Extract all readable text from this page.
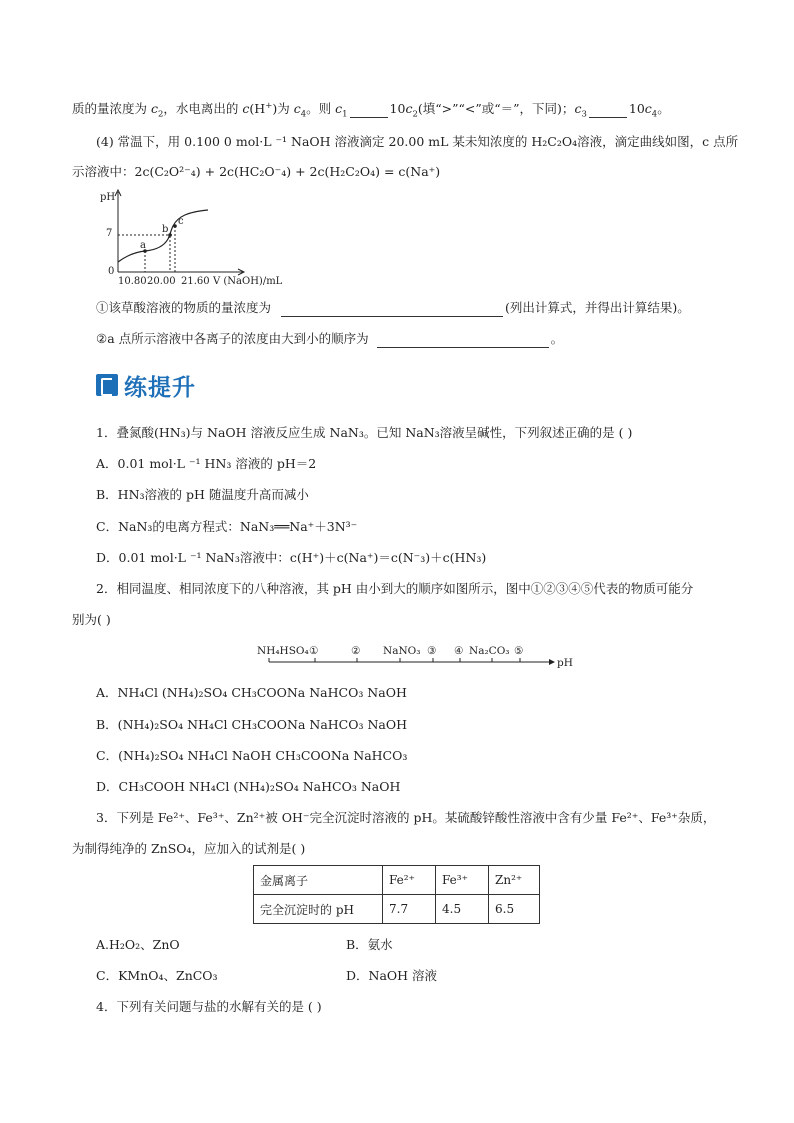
质的量浓度为 $c_2$，水电离出的 c(H+)为 $c_4$。则 $c_1$	$10c_2$(填“>”“<”或“＝”，下同)；$c_3$	$10c_4$。
(4) 常温下，用 0.100 0 mol·L ⁻¹ NaOH 溶液滴定 20.00 mL 某未知浓度的 H₂C₂O₄溶液，滴定曲线如图，c 点所
示溶液中：2c(C₂O²⁻₄) + 2c(HC₂O⁻₄) + 2c(H₂C₂O₄) = c(Na⁺)
pH
7
0
a
b
c
10.80 20.00 21.60 V (NaOH)/mL
①该草酸溶液的物质的量浓度为	(列出计算式，并得出计算结果)。
②a 点所示溶液中各离子的浓度由大到小的顺序为	。
练提升
1．叠氮酸(HN₃)与 NaOH 溶液反应生成 NaN₃。已知 NaN₃溶液呈碱性，下列叙述正确的是 ( )
A．0.01 mol·L ⁻¹ HN₃ 溶液的 pH＝2
B．HN₃溶液的 pH 随温度升高而减小
C．NaN₃的电离方程式：NaN₃══Na⁺＋3N³⁻
D．0.01 mol·L ⁻¹ NaN₃溶液中：c(H⁺)＋c(Na⁺)＝c(N⁻₃)＋c(HN₃)
2．相同温度、相同浓度下的八种溶液，其 pH 由小到大的顺序如图所示，图中①②③④⑤代表的物质可能分
别为( )
NH₄HSO₄ ①	② NaNO₃ ③ ④ Na₂CO₃ ⑤
pH
A．NH₄Cl (NH₄)₂SO₄ CH₃COONa NaHCO₃ NaOH
B．(NH₄)₂SO₄ NH₄Cl CH₃COONa NaHCO₃ NaOH
C．(NH₄)₂SO₄ NH₄Cl NaOH CH₃COONa NaHCO₃
D．CH₃COOH NH₄Cl (NH₄)₂SO₄ NaHCO₃ NaOH
3．下列是 Fe²⁺、Fe³⁺、Zn²⁺被 OH⁻完全沉淀时溶液的 pH。某硫酸锌酸性溶液中含有少量 Fe²⁺、Fe³⁺杂质，
为制得纯净的 ZnSO₄，应加入的试剂是( )
金属离子	Fe²⁺	Fe³⁺	Zn²⁺
完全沉淀时的 pH	7.7	4.5	6.5
A.H₂O₂、ZnO	B．氨水
C．KMnO₄、ZnCO₃	D．NaOH 溶液
4．下列有关问题与盐的水解有关的是 ( )
